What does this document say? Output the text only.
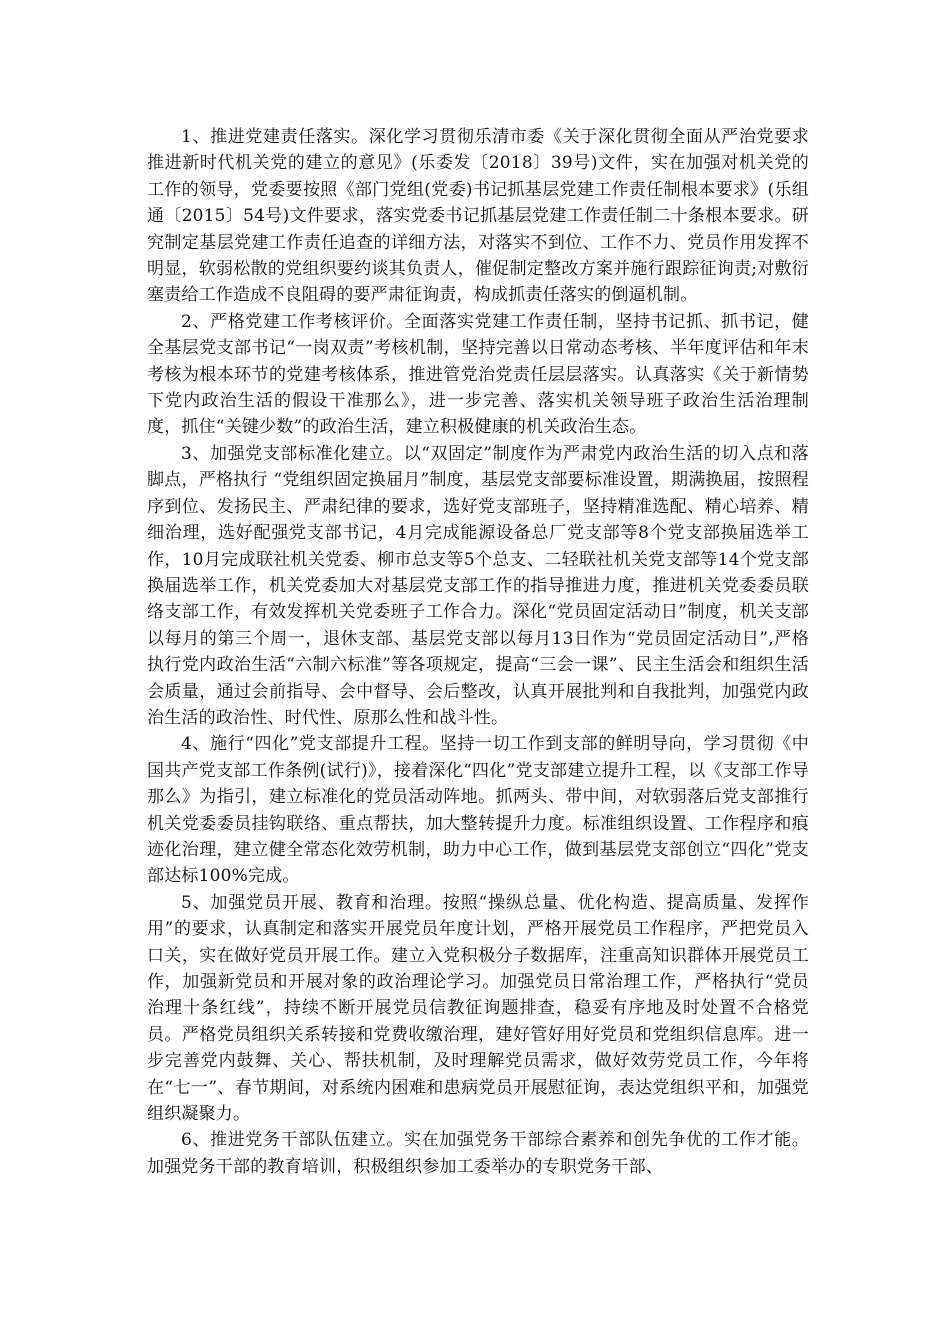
1、推进党建责任落实。深化学习贯彻乐清市委《关于深化贯彻全面从严治党要求推进新时代机关党的建立的意见》(乐委发〔2018〕39号)文件，实在加强对机关党的工作的领导，党委要按照《部门党组(党委)书记抓基层党建工作责任制根本要求》(乐组通〔2015〕54号)文件要求，落实党委书记抓基层党建工作责任制二十条根本要求。研究制定基层党建工作责任追查的详细方法，对落实不到位、工作不力、党员作用发挥不明显，软弱松散的党组织要约谈其负责人，催促制定整改方案并施行跟踪征询责;对敷衍塞责给工作造成不良阻碍的要严肃征询责，构成抓责任落实的倒逼机制。

2、严格党建工作考核评价。全面落实党建工作责任制，坚持书记抓、抓书记，健全基层党支部书记“一岗双责”考核机制，坚持完善以日常动态考核、半年度评估和年末考核为根本环节的党建考核体系，推进管党治党责任层层落实。认真落实《关于新情势下党内政治生活的假设干准那么》，进一步完善、落实机关领导班子政治生活治理制度，抓住“关键少数”的政治生活，建立积极健康的机关政治生态。

3、加强党支部标准化建立。以“双固定”制度作为严肃党内政治生活的切入点和落脚点，严格执行 “党组织固定换届月”制度，基层党支部要标准设置，期满换届，按照程序到位、发扬民主、严肃纪律的要求，选好党支部班子，坚持精准选配、精心培养、精细治理，选好配强党支部书记，4月完成能源设备总厂党支部等8个党支部换届选举工作，10月完成联社机关党委、柳市总支等5个总支、二轻联社机关党支部等14个党支部换届选举工作，机关党委加大对基层党支部工作的指导推进力度，推进机关党委委员联络支部工作，有效发挥机关党委班子工作合力。深化“党员固定活动日”制度，机关支部以每月的第三个周一，退休支部、基层党支部以每月13日作为“党员固定活动日”,严格执行党内政治生活“六制六标准”等各项规定，提高“三会一课”、民主生活会和组织生活会质量，通过会前指导、会中督导、会后整改，认真开展批判和自我批判，加强党内政治生活的政治性、时代性、原那么性和战斗性。

4、施行“四化”党支部提升工程。坚持一切工作到支部的鲜明导向，学习贯彻《中国共产党支部工作条例(试行)》，接着深化“四化”党支部建立提升工程，以《支部工作导那么》为指引，建立标准化的党员活动阵地。抓两头、带中间，对软弱落后党支部推行机关党委委员挂钩联络、重点帮扶，加大整转提升力度。标准组织设置、工作程序和痕迹化治理，建立健全常态化效劳机制，助力中心工作，做到基层党支部创立“四化”党支部达标100%完成。

5、加强党员开展、教育和治理。按照“操纵总量、优化构造、提高质量、发挥作用”的要求，认真制定和落实开展党员年度计划，严格开展党员工作程序，严把党员入口关，实在做好党员开展工作。建立入党积极分子数据库，注重高知识群体开展党员工作，加强新党员和开展对象的政治理论学习。加强党员日常治理工作，严格执行“党员治理十条红线”，持续不断开展党员信教征询题排查，稳妥有序地及时处置不合格党员。严格党员组织关系转接和党费收缴治理，建好管好用好党员和党组织信息库。进一步完善党内鼓舞、关心、帮扶机制，及时理解党员需求，做好效劳党员工作，今年将在“七一”、春节期间，对系统内困难和患病党员开展慰征询，表达党组织平和，加强党组织凝聚力。

6、推进党务干部队伍建立。实在加强党务干部综合素养和创先争优的工作才能。加强党务干部的教育培训，积极组织参加工委举办的专职党务干部、
